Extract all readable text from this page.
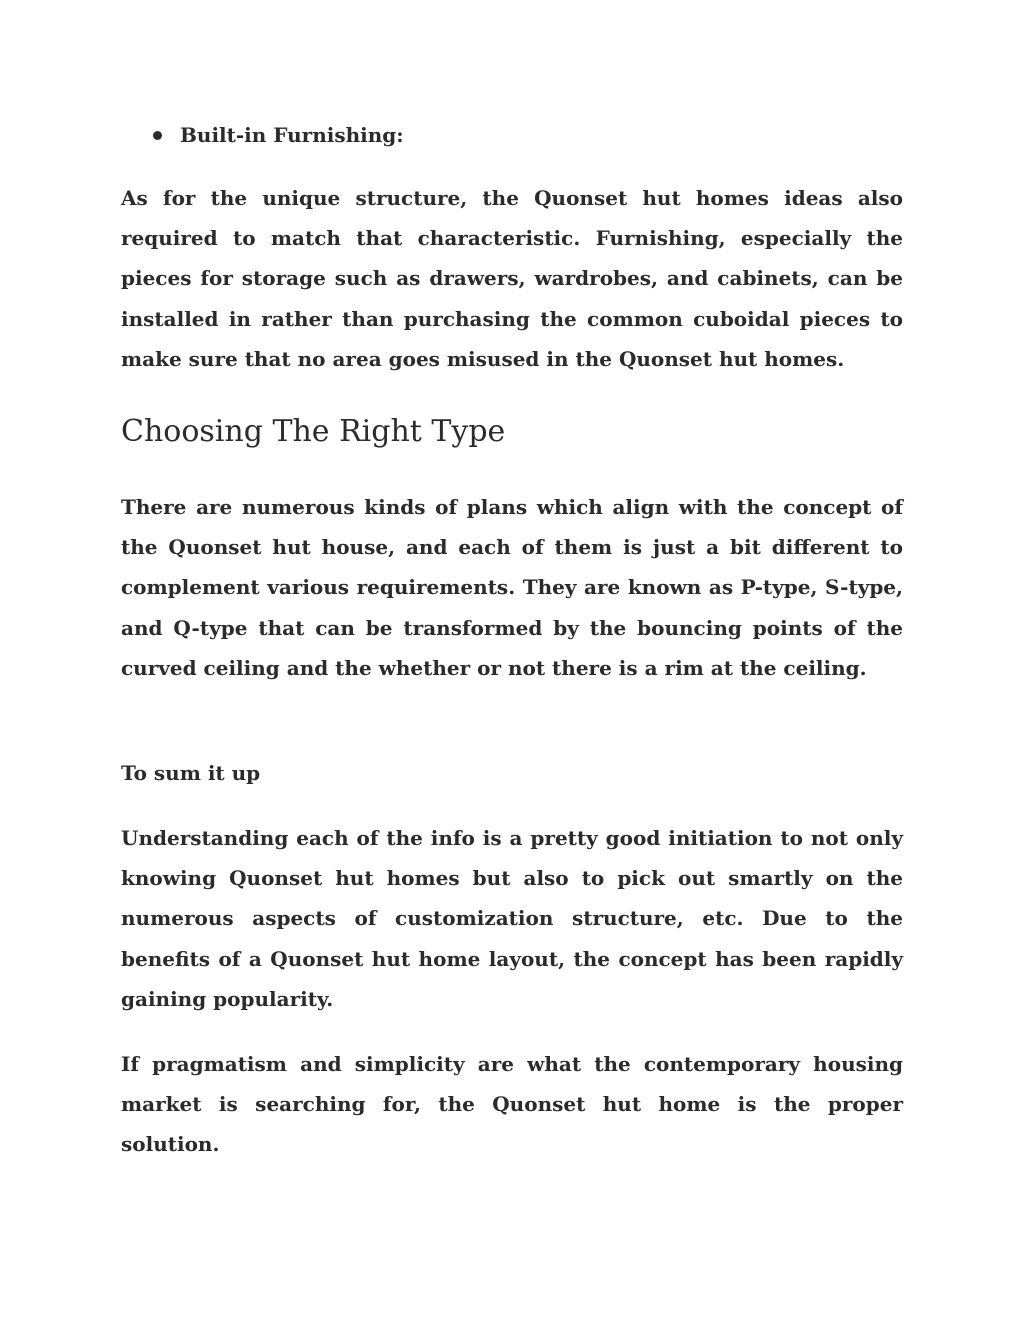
Built-in Furnishing:

As for the unique structure, the Quonset hut homes ideas also required to match that characteristic. Furnishing, especially the pieces for storage such as drawers, wardrobes, and cabinets, can be installed in rather than purchasing the common cuboidal pieces to make sure that no area goes misused in the Quonset hut homes.

Choosing The Right Type

There are numerous kinds of plans which align with the concept of the Quonset hut house, and each of them is just a bit different to complement various requirements. They are known as P-type, S-type, and Q-type that can be transformed by the bouncing points of the curved ceiling and the whether or not there is a rim at the ceiling.

To sum it up

Understanding each of the info is a pretty good initiation to not only knowing Quonset hut homes but also to pick out smartly on the numerous aspects of customization structure, etc. Due to the benefits of a Quonset hut home layout, the concept has been rapidly gaining popularity.

If pragmatism and simplicity are what the contemporary housing market is searching for, the Quonset hut home is the proper solution.
